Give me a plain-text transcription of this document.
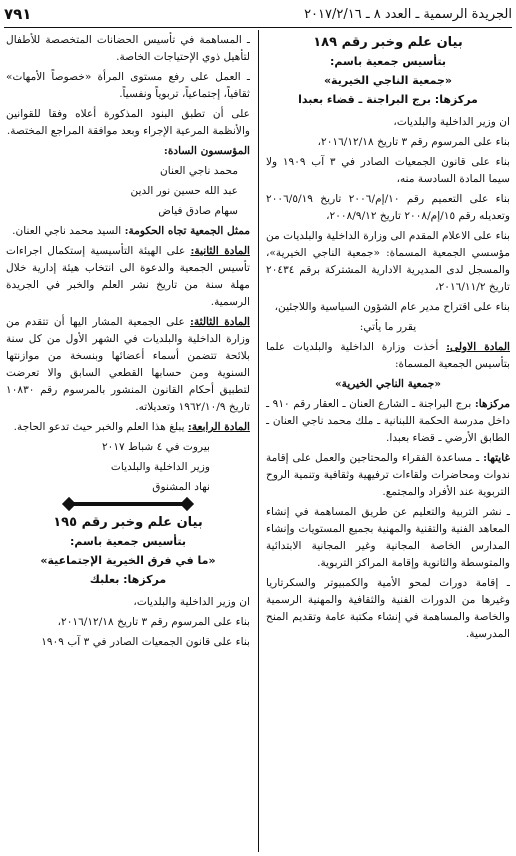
الجريدة الرسمية ـ العدد ٨ ـ ٢٠١٧/٢/١٦
٧٩١
بيان علم وخبر رقم ١٨٩
بتأسيس جمعية باسم:
«جمعية الناجي الخيرية»
مركزها: برج البراجنة ـ قضاء بعبدا

ان وزير الداخلية والبلديات،

بناء على المرسوم رقم ٣ تاريخ ٢٠١٦/١٢/١٨،

بناء على قانون الجمعيات الصادر في ٣ آب ١٩٠٩ ولا سيما المادة السادسة منه،

بناء على التعميم رقم ١٠/إم/٢٠٠٦ تاريخ ٢٠٠٦/٥/١٩ وتعديله رقم ١٥/إم/٢٠٠٨ تاريخ ٢٠٠٨/٩/١٢،

بناء على الاعلام المقدم الى وزارة الداخلية والبلديات من مؤسسي الجمعية المسماة: «جمعية الناجي الخيرية»، والمسجل لدى المديرية الادارية المشتركة برقم ٢٠٤٣٤ تاريخ ٢٠١٦/١١/٢،

بناء على اقتراح مدير عام الشؤون السياسية واللاجئين،

يقرر ما يأتي:

المادة الاولى: أخذت وزارة الداخلية والبلديات علما بتأسيس الجمعية المسماة:

«جمعية الناجي الخيرية»

مركزها: برج البراجنة ـ الشارع العنان ـ العقار رقم ٩١٠ ـ داخل مدرسة الحكمة اللبنانية ـ ملك محمد ناجي العنان ـ الطابق الأرضي ـ قضاء بعبدا.

غايتها: ـ مساعدة الفقراء والمحتاجين والعمل على إقامة ندوات ومحاضرات ولقاءات ترفيهية وثقافية وتنمية الروح التربوية عند الأفراد والمجتمع.

ـ نشر التربية والتعليم عن طريق المساهمة في إنشاء المعاهد الفنية والتقنية والمهنية بجميع المستويات وإنشاء المدارس الخاصة المجانية وغير المجانية الابتدائية والمتوسطة والثانوية وإقامة المراكز التربوية.

ـ إقامة دورات لمحو الأمية والكمبيوتر والسكرتاريا وغيرها من الدورات الفنية والثقافية والمهنية الرسمية والخاصة والمساهمة في إنشاء مكتبة عامة وتقديم المنح المدرسية.

ـ المساهمة في تأسيس الحضانات المتخصصة للأطفال لتأهيل ذوي الإحتياجات الخاصة.

ـ العمل على رفع مستوى المرأة «خصوصاً الأمهات» ثقافياً، إجتماعياً، تربوياً ونفسياً.

على أن تطبق البنود المذكورة أعلاه وفقا للقوانين والأنظمة المرعية الإجراء وبعد موافقة المراجع المختصة.

المؤسسون السادة:

محمد ناجي العنان

عبد الله حسين نور الدين

سهام صادق فياض

ممثل الجمعية تجاه الحكومة: السيد محمد ناجي العنان.

المادة الثانية: على الهيئة التأسيسية إستكمال اجراءات تأسيس الجمعية والدعوة الى انتخاب هيئة إدارية خلال مهلة سنة من تاريخ نشر العلم والخبر في الجريدة الرسمية.

المادة الثالثة: على الجمعية المشار اليها أن تتقدم من وزارة الداخلية والبلديات في الشهر الأول من كل سنة بلائحة تتضمن أسماء أعضائها وبنسخة من موازنتها السنوية ومن حسابها القطعي السابق والا تعرضت لتطبيق أحكام القانون المنشور بالمرسوم رقم ١٠٨٣٠ تاريخ ١٩٦٢/١٠/٩ وتعديلاته.

المادة الرابعة: يبلغ هذا العلم والخبر حيث تدعو الحاجة.

بيروت في ٤ شباط ٢٠١٧

وزير الداخلية والبلديات

نهاد المشنوق

بيان علم وخبر رقم ١٩٥
بتأسيس جمعية باسم:
«ما في فرق الخيرية الإجتماعية»
مركزها: بعلبك

ان وزير الداخلية والبلديات،

بناء على المرسوم رقم ٣ تاريخ ٢٠١٦/١٢/١٨،

بناء على قانون الجمعيات الصادر في ٣ آب ١٩٠٩
